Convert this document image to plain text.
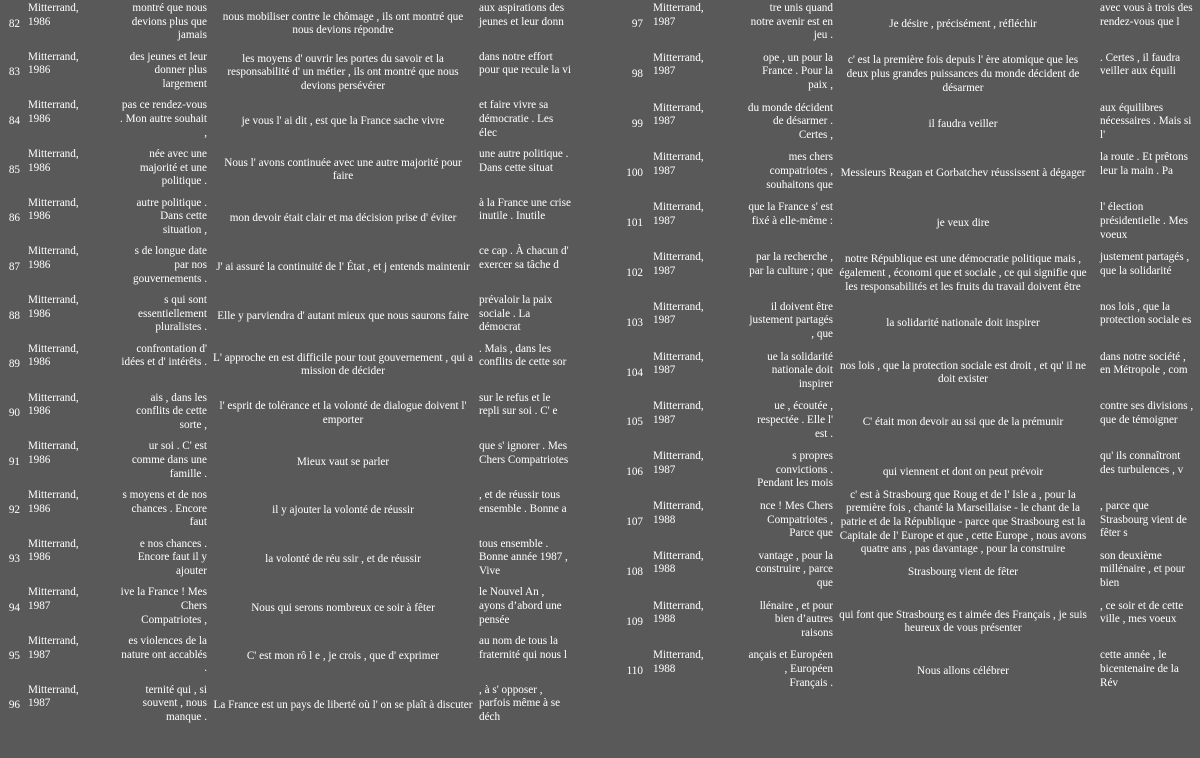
82
Mitterrand,
1986
montré que nous devions plus que jamais
nous mobiliser contre le chômage , ils ont montré que nous devions répondre
aux aspirations des jeunes et leur donn
83
Mitterrand,
1986
des jeunes et leur donner plus largement
les moyens d' ouvrir les portes du savoir et la responsabilité d' un métier , ils ont montré que nous devions persévérer
dans notre effort pour que recule la vi
84
Mitterrand,
1986
pas ce rendez-vous . Mon autre souhait ,
je vous l' ai dit , est que la France sache vivre
et faire vivre sa démocratie . Les élec
85
Mitterrand,
1986
née avec une majorité et une politique .
Nous l' avons continuée avec une autre majorité pour faire
une autre politique . Dans cette situat
86
Mitterrand,
1986
autre politique . Dans cette situation ,
mon devoir était clair et ma décision prise d' éviter
à la France une crise inutile . Inutile
87
Mitterrand,
1986
s de longue date par nos gouvernements .
J' ai assuré la continuité de l' État , et j entends maintenir
ce cap . À chacun d' exercer sa tâche d
88
Mitterrand,
1986
s qui sont essentiellement pluralistes .
Elle y parviendra d' autant mieux que nous saurons faire
prévaloir la paix sociale . La démocrat
89
Mitterrand,
1986
confrontation d' idées et d' intérêts . L' approche en est difficile pour tout gouvernement , qui a mission de décider
. Mais , dans les conflits de cette sor
90
Mitterrand,
1986
ais , dans les conflits de cette sorte ,
l' esprit de tolérance et la volonté de dialogue doivent l' emporter
sur le refus et le repli sur soi . C' e
91
Mitterrand,
1986
ur soi . C' est comme dans une famille .
Mieux vaut se parler
que s' ignorer . Mes Chers Compatriotes
92
Mitterrand,
1986
s moyens et de nos chances . Encore faut
il y ajouter la volonté de réussir
, et de réussir tous ensemble . Bonne a
93
Mitterrand,
1986
e nos chances . Encore faut il y ajouter
la volonté de réu ssir , et de réussir
tous ensemble . Bonne année 1987 , Vive
94
Mitterrand,
1987
ive la France ! Mes Chers Compatriotes ,
Nous qui serons nombreux ce soir à fêter
le Nouvel An , ayons d’abord une pensée
95
Mitterrand,
1987
es violences de la nature ont accablés .
C' est mon rô l e , je crois , que d' exprimer
au nom de tous la fraternité qui nous l
96
Mitterrand,
1987
ternité qui , si souvent , nous manque .
La France est un pays de liberté où l' on se plaît à discuter
, à s' opposer , parfois même à se déch
97
Mitterrand,
1987
tre unis quand notre avenir est en jeu .
Je désire , précisément , réfléchir
avec vous à trois des rendez-vous que l
98
Mitterrand,
1987
ope , un pour la France . Pour la paix ,
c' est la première fois depuis l' ère atomique que les deux plus grandes puissances du monde décident de désarmer
. Certes , il faudra veiller aux équili
99
Mitterrand,
1987
du monde décident de désarmer . Certes ,
il faudra veiller
aux équilibres nécessaires . Mais si l'
100
Mitterrand,
1987
mes chers compatriotes , souhaitons que
Messieurs Reagan et Gorbatchev réussissent à dégager
la route . Et prêtons leur la main . Pa
101
Mitterrand,
1987
que la France s' est fixé à elle-même :	je veux dire
l' élection présidentielle . Mes voeux
102
Mitterrand,
1987
par la recherche , par la culture ; que
notre République est une démocratie politique mais , également , économi que et sociale , ce qui signifie que les responsabilités et les fruits du travail doivent être
justement partagés , que la solidarité
103
Mitterrand,
1987
il doivent être justement partagés , que
la solidarité nationale doit inspirer
nos lois , que la protection sociale es
104
Mitterrand,
1987
ue la solidarité nationale doit inspirer
nos lois , que la protection sociale est droit , et qu' il ne doit exister
dans notre société , en Métropole , com
105
Mitterrand,
1987
ue , écoutée , respectée . Elle l' est .
C' était mon devoir au ssi que de la prémunir
contre ses divisions , que de témoigner
106
Mitterrand,
1987
s propres convictions . Pendant les mois
qui viennent et dont on peut prévoir
qu' ils connaîtront des turbulences , v
107
Mitterrand,
1988
nce ! Mes Chers Compatriotes , Parce que
c' est à Strasbourg que Roug et de l' Isle a , pour la première fois , chanté la Marseillaise - le chant de la patrie et de la République - parce que Strasbourg est la Capitale de l' Europe et que , cette Europe , nous avons quatre ans , pas davantage , pour la construire
, parce que Strasbourg vient de fêter s
108
Mitterrand,
1988
vantage , pour la construire , parce que
Strasbourg vient de fêter
son deuxième millénaire , et pour bien
109
Mitterrand,
1988
llénaire , et pour bien d’autres raisons
qui font que Strasbourg es t aimée des Français , je suis heureux de vous présenter
, ce soir et de cette ville , mes voeux
110
Mitterrand,
1988
ançais et Européen , Européen Français .
Nous allons célébrer
cette année , le bicentenaire de la Rév
